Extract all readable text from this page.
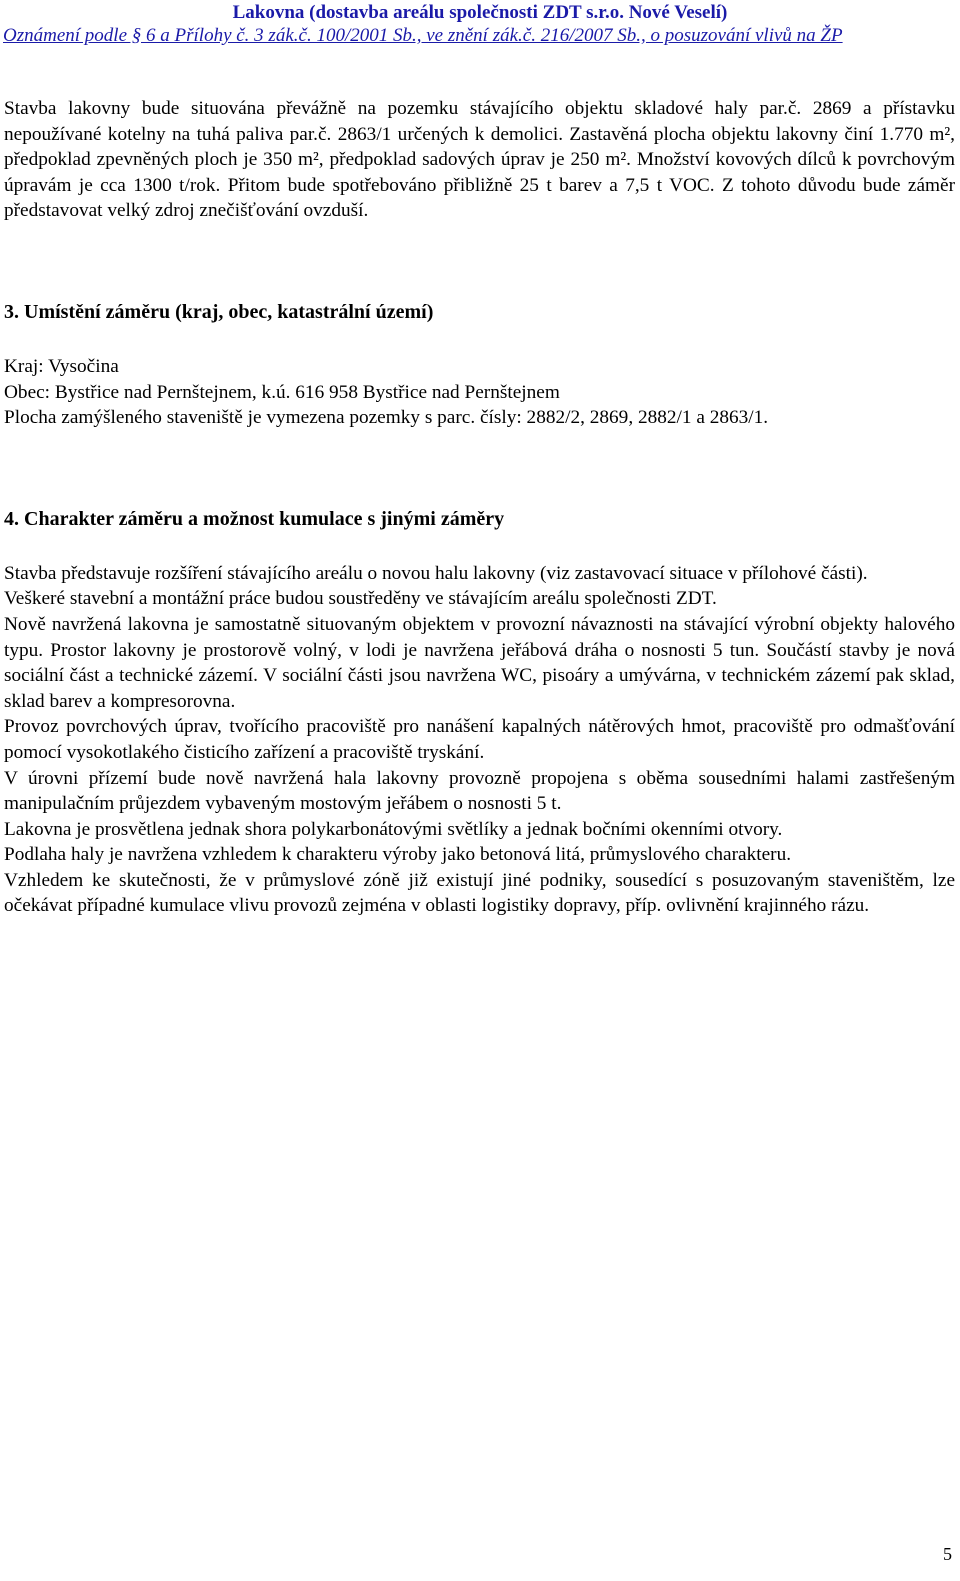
Lakovna (dostavba areálu společnosti ZDT s.r.o. Nové Veselí)
Oznámení podle § 6 a Přílohy č. 3 zák.č. 100/2001 Sb., ve znění zák.č. 216/2007 Sb., o posuzování vlivů na ŽP

Stavba lakovny bude situována převážně na pozemku stávajícího objektu skladové haly par.č. 2869 a přístavku nepoužívané kotelny na tuhá paliva par.č. 2863/1 určených k demolici. Zastavěná plocha objektu lakovny činí 1.770 m², předpoklad zpevněných ploch je 350 m², předpoklad sadových úprav je 250 m². Množství kovových dílců k povrchovým úpravám je cca 1300 t/rok. Přitom bude spotřebováno přibližně 25 t barev a 7,5 t VOC. Z tohoto důvodu bude záměr představovat velký zdroj znečišťování ovzduší.

3. Umístění záměru (kraj, obec, katastrální území)

Kraj: Vysočina

Obec: Bystřice nad Pernštejnem, k.ú. 616 958 Bystřice nad Pernštejnem

Plocha zamýšleného staveniště je vymezena pozemky s parc. čísly: 2882/2, 2869, 2882/1 a 2863/1.

4. Charakter záměru a možnost kumulace s jinými záměry

Stavba představuje rozšíření stávajícího areálu o novou halu lakovny (viz zastavovací situace v přílohové části).

Veškeré stavební a montážní práce budou soustředěny ve stávajícím areálu společnosti ZDT.

Nově navržená lakovna je samostatně situovaným objektem v provozní návaznosti na stávající výrobní objekty halového typu. Prostor lakovny je prostorově volný, v lodi je navržena jeřábová dráha o nosnosti 5 tun. Součástí stavby je nová sociální část a technické zázemí. V sociální části jsou navržena WC, pisoáry a umývárna, v technickém zázemí pak sklad, sklad barev a kompresorovna.

Provoz povrchových úprav, tvořícího pracoviště pro nanášení kapalných nátěrových hmot, pracoviště pro odmašťování pomocí vysokotlakého čisticího zařízení a pracoviště tryskání.

V úrovni přízemí bude nově navržená hala lakovny provozně propojena s oběma sousedními halami zastřešeným manipulačním průjezdem vybaveným mostovým jeřábem o nosnosti 5 t.

Lakovna je prosvětlena jednak shora polykarbonátovými světlíky a jednak bočními okenními otvory.

Podlaha haly je navržena vzhledem k charakteru výroby jako betonová litá, průmyslového charakteru.

Vzhledem ke skutečnosti, že v průmyslové zóně již existují jiné podniky, sousedící s posuzovaným staveništěm, lze očekávat případné kumulace vlivu provozů zejména v oblasti logistiky dopravy, příp. ovlivnění krajinného rázu.

5
